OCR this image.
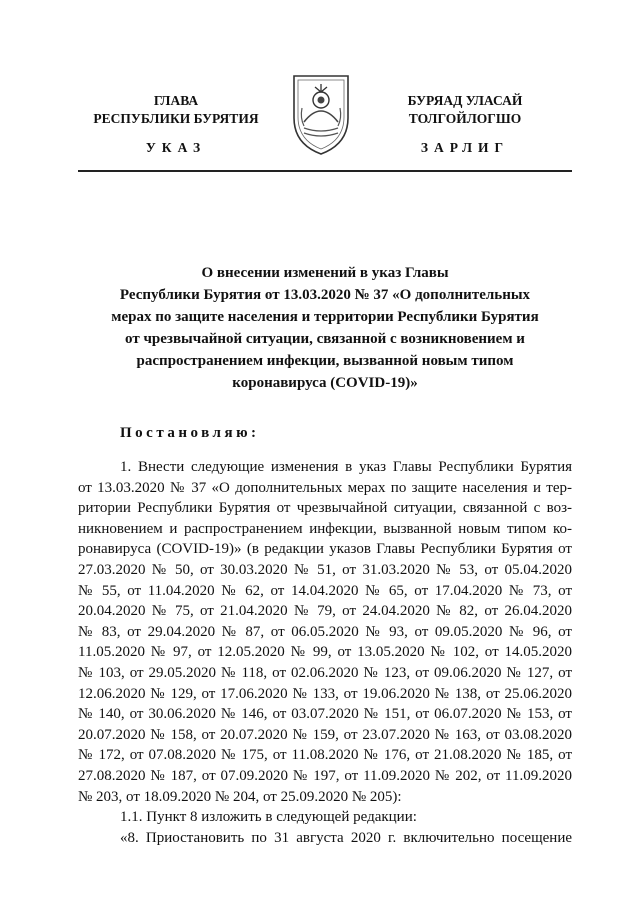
ГЛАВА
РЕСПУБЛИКИ БУРЯТИЯ
БУРЯАД УЛАСАЙ
ТОЛГОЙЛОГШО
УКАЗ	ЗАРЛИГ
О внесении изменений в указ Главы
Республики Бурятия от 13.03.2020 № 37 «О дополнительных
мерах по защите населения и территории Республики Бурятия
от чрезвычайной ситуации, связанной с возникновением и
распространением инфекции, вызванной новым типом
коронавируса (COVID-19)»
Постановляю:
1. Внести следующие изменения в указ Главы Республики Бурятия
от 13.03.2020 № 37 «О дополнительных мерах по защите населения и тер-
ритории Республики Бурятия от чрезвычайной ситуации, связанной с воз-
никновением и распространением инфекции, вызванной новым типом ко-
ронавируса (COVID-19)» (в редакции указов Главы Республики Бурятия от
27.03.2020 № 50, от 30.03.2020 № 51, от 31.03.2020 № 53, от 05.04.2020
№ 55, от 11.04.2020 № 62, от 14.04.2020 № 65, от 17.04.2020 № 73, от
20.04.2020 № 75, от 21.04.2020 № 79, от 24.04.2020 № 82, от 26.04.2020
№ 83, от 29.04.2020 № 87, от 06.05.2020 № 93, от 09.05.2020 № 96, от
11.05.2020 № 97, от 12.05.2020 № 99, от 13.05.2020 № 102, от 14.05.2020
№ 103, от 29.05.2020 № 118, от 02.06.2020 № 123, от 09.06.2020 № 127, от
12.06.2020 № 129, от 17.06.2020 № 133, от 19.06.2020 № 138, от 25.06.2020
№ 140, от 30.06.2020 № 146, от 03.07.2020 № 151, от 06.07.2020 № 153, от
20.07.2020 № 158, от 20.07.2020 № 159, от 23.07.2020 № 163, от 03.08.2020
№ 172, от 07.08.2020 № 175, от 11.08.2020 № 176, от 21.08.2020 № 185, от
27.08.2020 № 187, от 07.09.2020 № 197, от 11.09.2020 № 202, от 11.09.2020
№ 203, от 18.09.2020 № 204, от 25.09.2020 № 205):
1.1. Пункт 8 изложить в следующей редакции:
«8. Приостановить по 31 августа 2020 г. включительно посещение
